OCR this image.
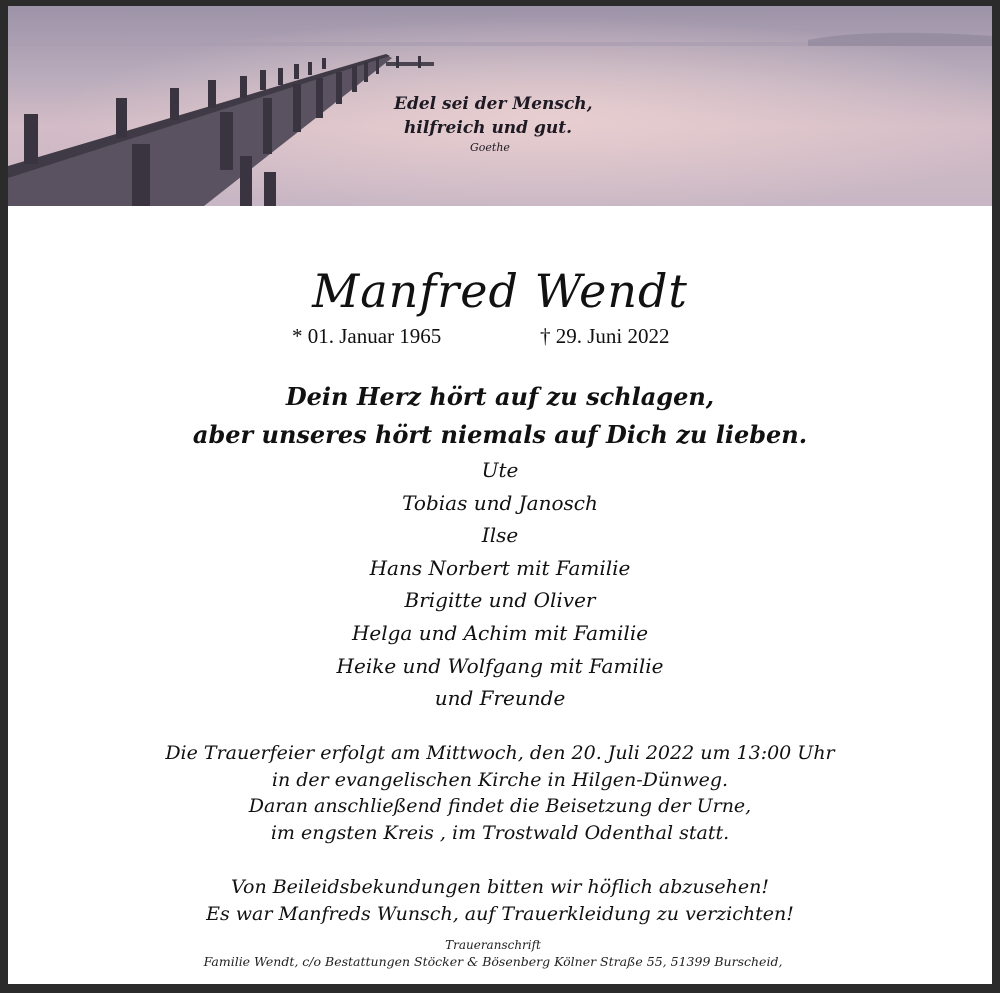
Edel sei der Mensch,
hilfreich und gut.
Goethe
Manfred Wendt
* 01. Januar 1965	† 29. Juni 2022
Dein Herz hört auf zu schlagen,
aber unseres hört niemals auf Dich zu lieben.
Ute
Tobias und Janosch
Ilse
Hans Norbert mit Familie
Brigitte und Oliver
Helga und Achim mit Familie
Heike und Wolfgang mit Familie
und Freunde
Die Trauerfeier erfolgt am Mittwoch, den 20. Juli 2022 um 13:00 Uhr
in der evangelischen Kirche in Hilgen-Dünweg.
Daran anschließend findet die Beisetzung der Urne,
im engsten Kreis , im Trostwald Odenthal statt.
Von Beileidsbekundungen bitten wir höflich abzusehen!
Es war Manfreds Wunsch, auf Trauerkleidung zu verzichten!
Traueranschrift
Familie Wendt, c/o Bestattungen Stöcker & Bösenberg Kölner Straße 55, 51399 Burscheid,
